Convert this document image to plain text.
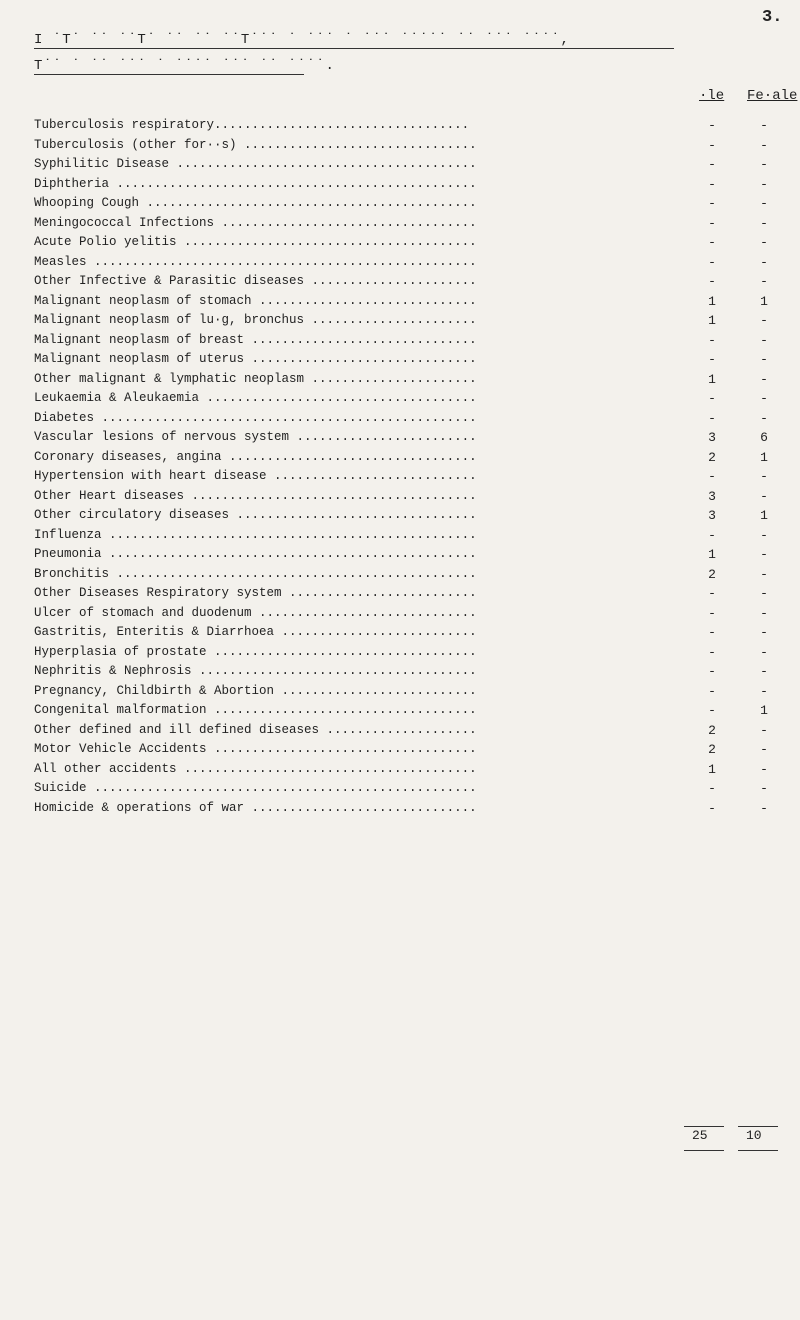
3.
I ˙T˙ ˙˙ ˙˙T˙ ˙˙ ˙˙ ˙˙T˙˙˙ ˙ ˙˙˙ ˙ ˙˙˙ ˙˙˙˙˙ ˙˙ ˙˙˙ ˙˙˙˙,
T˙˙ ˙ ˙˙ ˙˙˙ ˙ ˙˙˙˙ ˙˙˙ ˙˙ ˙˙˙˙.
·le Fe·ale
Tuberculosis respiratory..................................	-	-
Tuberculosis (other for··s) ...............................	-	-
Syphilitic Disease ........................................	-	-
Diphtheria ................................................	-	-
Whooping Cough ............................................	-	-
Meningococcal Infections ..................................	-	-
Acute Polio yelitis .......................................	-	-
Measles ...................................................	-	-
Other Infective & Parasitic diseases ......................	-	-
Malignant neoplasm of stomach .............................	1	1
Malignant neoplasm of lu·g, bronchus ......................	1	-
Malignant neoplasm of breast ..............................	-	-
Malignant neoplasm of uterus ..............................	-	-
Other malignant & lymphatic neoplasm ......................	1	-
Leukaemia & Aleukaemia ....................................	-	-
Diabetes ..................................................	-	-
Vascular lesions of nervous system ........................	3	6
Coronary diseases, angina .................................	2	1
Hypertension with heart disease ...........................	-	-
Other Heart diseases ......................................	3	-
Other circulatory diseases ................................	3	1
Influenza .................................................	-	-
Pneumonia .................................................	1	-
Bronchitis ................................................	2	-
Other Diseases Respiratory system .........................	-	-
Ulcer of stomach and duodenum .............................	-	-
Gastritis, Enteritis & Diarrhoea ..........................	-	-
Hyperplasia of prostate ...................................	-	-
Nephritis & Nephrosis .....................................	-	-
Pregnancy, Childbirth & Abortion ..........................	-	-
Congenital malformation ...................................	-	1
Other defined and ill defined diseases ....................	2	-
Motor Vehicle Accidents ...................................	2	-
All other accidents .......................................	1	-
Suicide ...................................................	-	-
Homicide & operations of war ..............................	-	-
25	10
